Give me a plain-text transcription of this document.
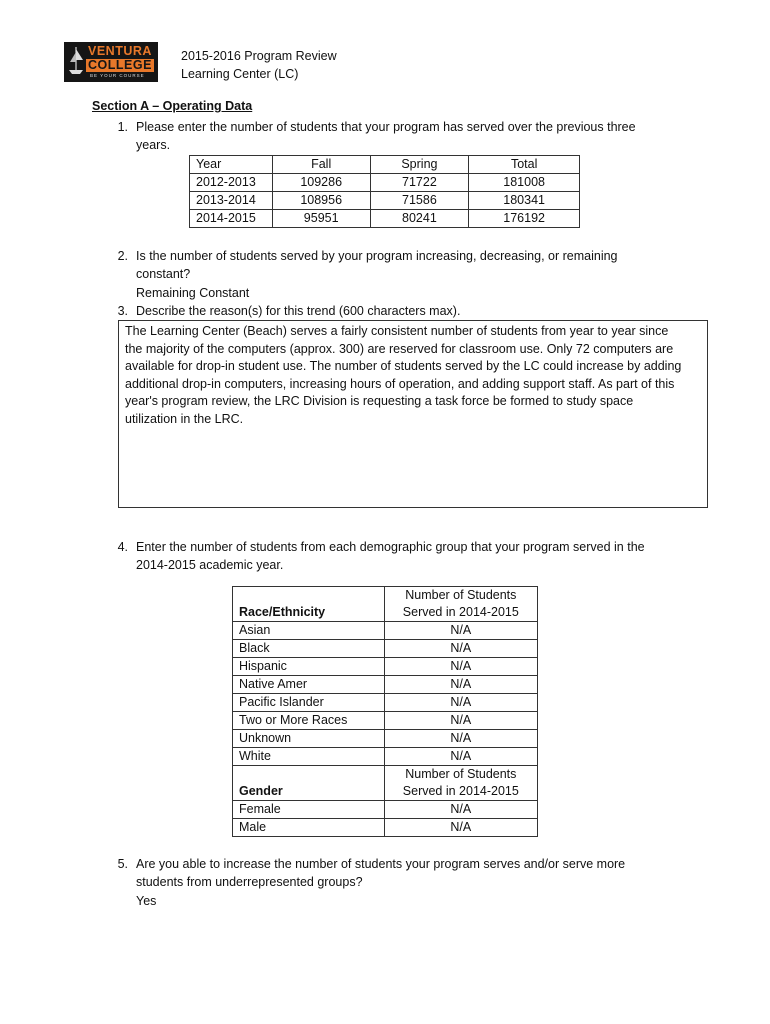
VENTURA
COLLEGE
BE YOUR COURSE
2015-2016 Program Review
Learning Center (LC)
Section A – Operating Data
1. Please enter the number of students that your program has served over the previous three
years.
Year	Fall	Spring	Total
2012-2013	109286	71722	181008
2013-2014	108956	71586	180341
2014-2015	95951	80241	176192
2. Is the number of students served by your program increasing, decreasing, or remaining
constant?
Remaining Constant
3. Describe the reason(s) for this trend (600 characters max).
The Learning Center (Beach) serves a fairly consistent number of students from year to year since
the majority of the computers (approx. 300) are reserved for classroom use. Only 72 computers are
available for drop-in student use. The number of students served by the LC could increase by adding
additional drop-in computers, increasing hours of operation, and adding support staff. As part of this
year's program review, the LRC Division is requesting a task force be formed to study space
utilization in the LRC.
4. Enter the number of students from each demographic group that your program served in the
2014-2015 academic year.
Race/Ethnicity	Number of Students
Served in 2014-2015

Asian	N/A
Black	N/A
Hispanic	N/A
Native Amer	N/A
Pacific Islander	N/A
Two or More Races	N/A
Unknown	N/A
White	N/A
Gender	Number of Students
Served in 2014-2015

Female	N/A
Male	N/A
5. Are you able to increase the number of students your program serves and/or serve more
students from underrepresented groups?
Yes
